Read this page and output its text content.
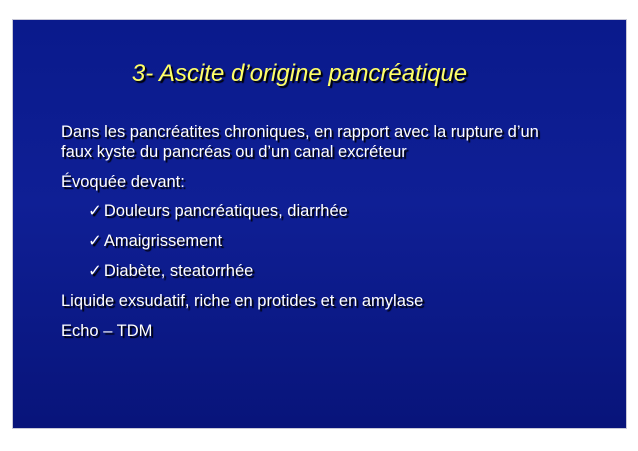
3- Ascite d’origine pancréatique
Dans les pancréatites chroniques, en rapport avec la rupture d’un
faux kyste du pancréas ou d’un canal excréteur
Évoquée devant:
✓ Douleurs pancréatiques, diarrhée
✓ Amaigrissement
✓ Diabète, steatorrhée
Liquide exsudatif, riche en protides et en amylase
Echo – TDM
